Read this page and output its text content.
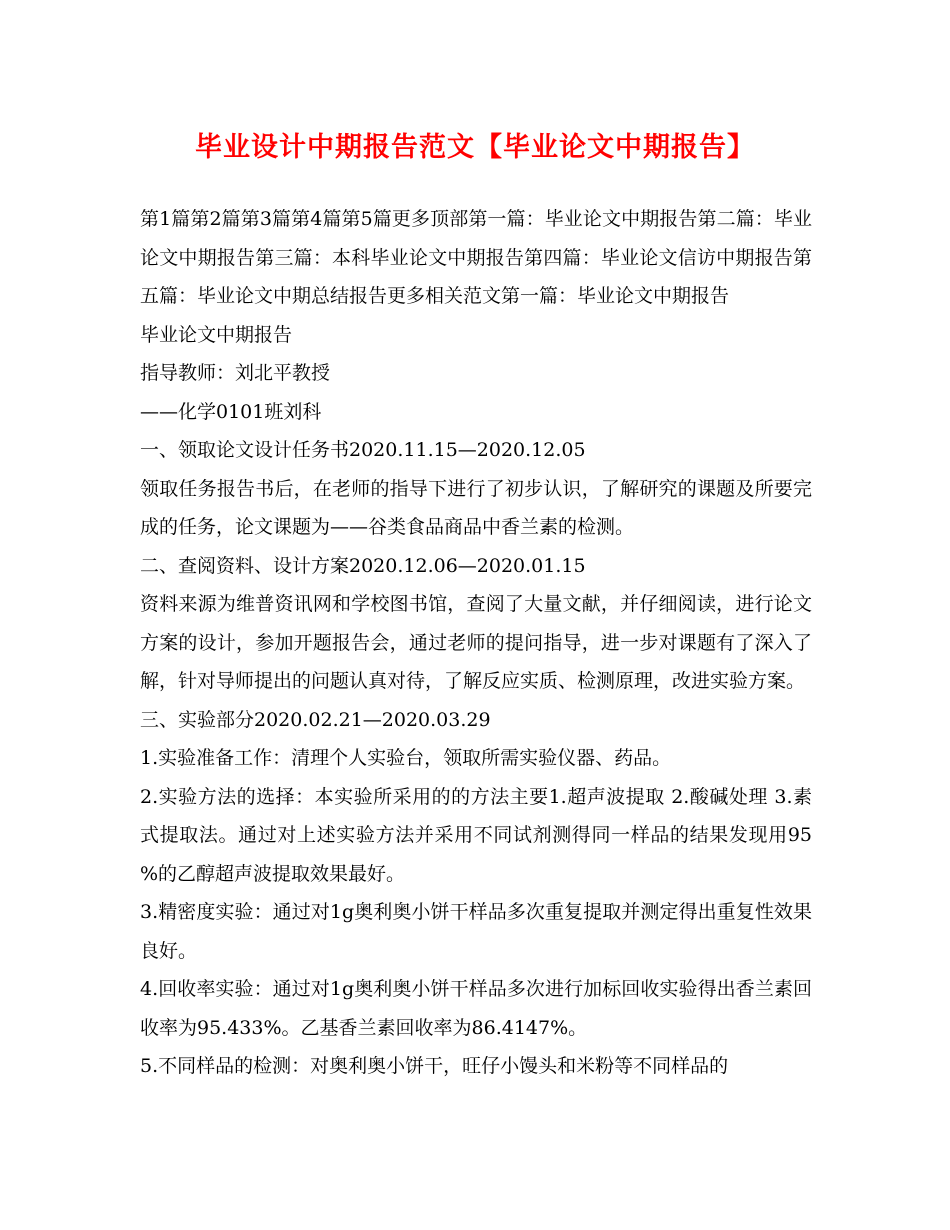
毕业设计中期报告范文【毕业论文中期报告】

第1篇第2篇第3篇第4篇第5篇更多顶部第一篇：毕业论文中期报告第二篇：毕业论文中期报告第三篇：本科毕业论文中期报告第四篇：毕业论文信访中期报告第五篇：毕业论文中期总结报告更多相关范文第一篇：毕业论文中期报告

毕业论文中期报告

指导教师：刘北平教授

——化学0101班刘科

一、领取论文设计任务书2020.11.15—2020.12.05

领取任务报告书后，在老师的指导下进行了初步认识，了解研究的课题及所要完成的任务，论文课题为——谷类食品商品中香兰素的检测。

二、查阅资料、设计方案2020.12.06—2020.01.15

资料来源为维普资讯网和学校图书馆，查阅了大量文献，并仔细阅读，进行论文方案的设计，参加开题报告会，通过老师的提问指导，进一步对课题有了深入了解，针对导师提出的问题认真对待，了解反应实质、检测原理，改进实验方案。

三、实验部分2020.02.21—2020.03.29

1.实验准备工作：清理个人实验台，领取所需实验仪器、药品。

2.实验方法的选择：本实验所采用的的方法主要1.超声波提取 2.酸碱处理 3.素式提取法。通过对上述实验方法并采用不同试剂测得同一样品的结果发现用95 %的乙醇超声波提取效果最好。

3.精密度实验：通过对1g奥利奥小饼干样品多次重复提取并测定得出重复性效果良好。

4.回收率实验：通过对1g奥利奥小饼干样品多次进行加标回收实验得出香兰素回收率为95.433%。乙基香兰素回收率为86.4147%。

5.不同样品的检测：对奥利奥小饼干，旺仔小馒头和米粉等不同样品的
